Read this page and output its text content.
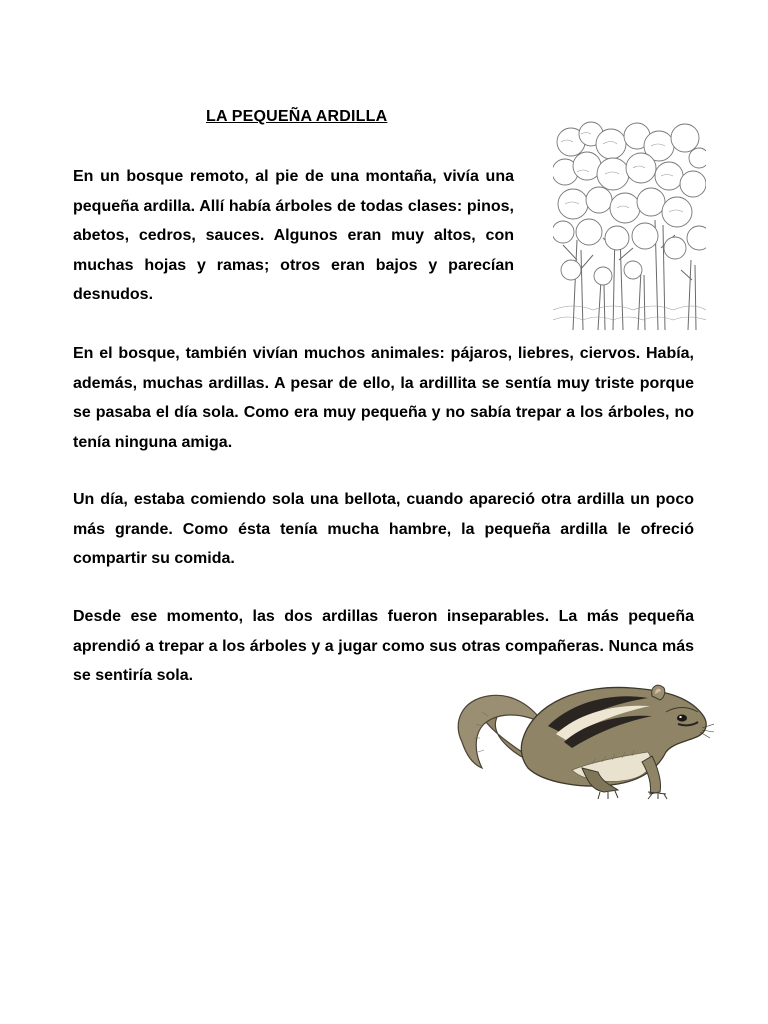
LA PEQUEÑA ARDILLA

En un bosque remoto, al pie de una montaña, vivía una pequeña ardilla. Allí había árboles de todas clases: pinos, abetos, cedros, sauces. Algunos eran muy altos, con muchas hojas y ramas; otros eran bajos y parecían desnudos.

En el bosque, también vivían muchos animales: pájaros, liebres, ciervos. Había, además, muchas ardillas. A pesar de ello, la ardillita se sentía muy triste porque se pasaba el día sola. Como era muy pequeña y no sabía trepar a los árboles, no tenía ninguna amiga.

Un día, estaba comiendo sola una bellota, cuando apareció otra ardilla un poco más grande. Como ésta tenía mucha hambre, la pequeña ardilla le ofreció compartir su comida.

Desde ese momento, las dos ardillas fueron inseparables. La más pequeña aprendió a trepar a los árboles y a jugar como sus otras compañeras. Nunca más se sentiría sola.
